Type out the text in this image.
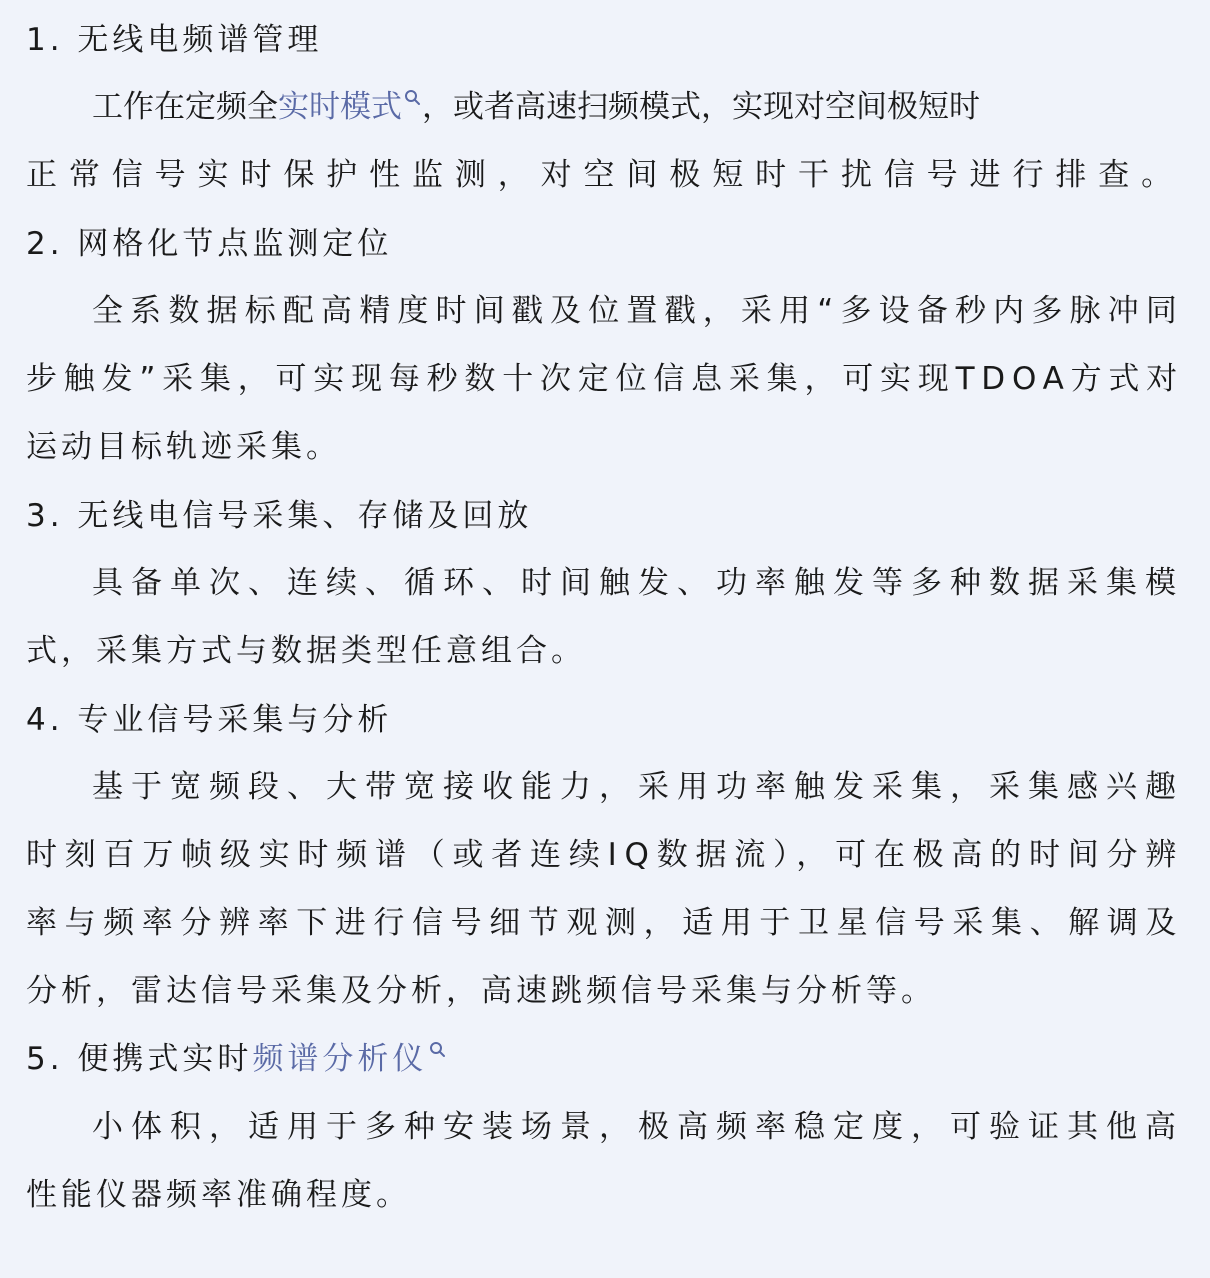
1. 无线电频谱管理
工作在定频全实时模式 ，或者高速扫频模式，实现对空间极短时
正常信号实时保护性监测，对空间极短时干扰信号进行排查。
2. 网格化节点监测定位
全系数据标配高精度时间戳及位置戳，采用“多设备秒内多脉冲同
步触发”采集，可实现每秒数十次定位信息采集，可实现TDOA方式对
运动目标轨迹采集。
3. 无线电信号采集、存储及回放
具备单次、连续、循环、时间触发、功率触发等多种数据采集模
式，采集方式与数据类型任意组合。
4. 专业信号采集与分析
基于宽频段、大带宽接收能力，采用功率触发采集，采集感兴趣
时刻百万帧级实时频谱（或者连续IQ数据流），可在极高的时间分辨
率与频率分辨率下进行信号细节观测，适用于卫星信号采集、解调及
分析，雷达信号采集及分析，高速跳频信号采集与分析等。
5. 便携式实时频谱分析仪
小体积，适用于多种安装场景，极高频率稳定度，可验证其他高
性能仪器频率准确程度。
